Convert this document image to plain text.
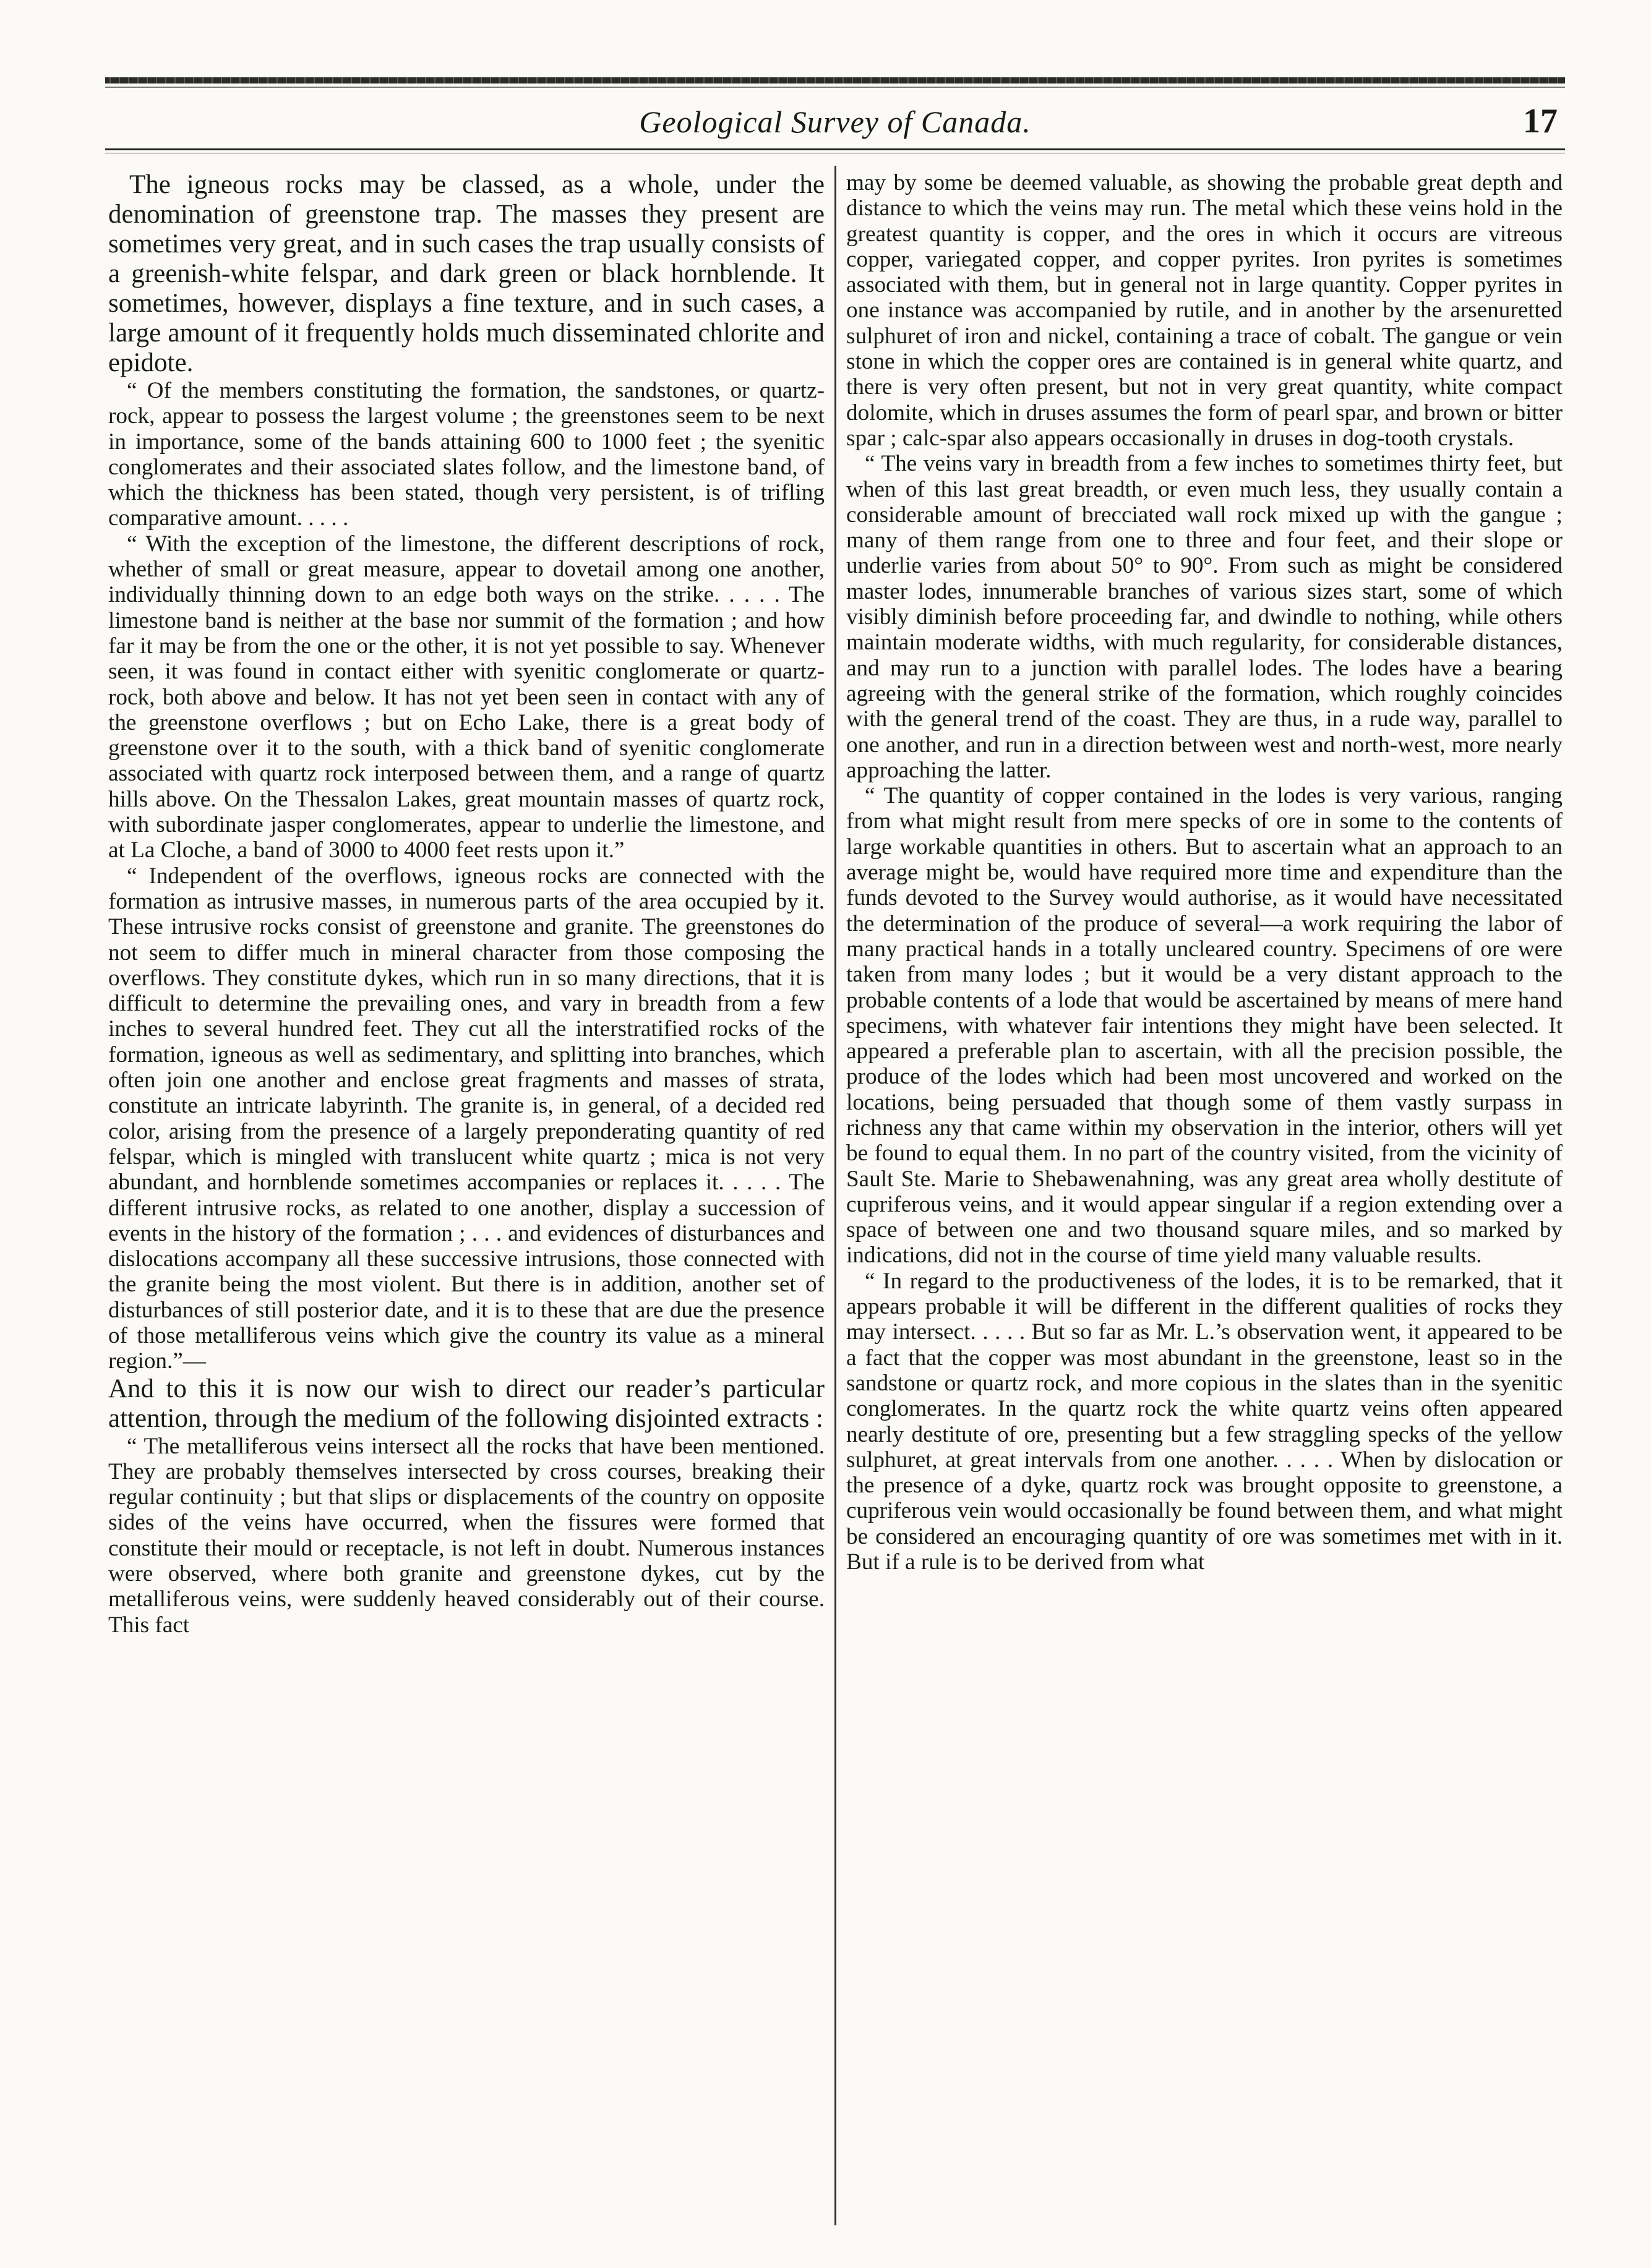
Geological Survey of Canada.	17

The igneous rocks may be classed, as a whole, under the denomination of greenstone trap. The masses they present are sometimes very great, and in such cases the trap usually consists of a greenish-white felspar, and dark green or black hornblende. It sometimes, however, displays a fine texture, and in such cases, a large amount of it frequently holds much disseminated chlorite and epidote.

“ Of the members constituting the formation, the sandstones, or quartz-rock, appear to possess the largest volume ; the greenstones seem to be next in importance, some of the bands attaining 600 to 1000 feet ; the syenitic conglomerates and their associated slates follow, and the limestone band, of which the thickness has been stated, though very persistent, is of trifling comparative amount. . . . .

“ With the exception of the limestone, the different descriptions of rock, whether of small or great measure, appear to dovetail among one another, individually thinning down to an edge both ways on the strike. . . . . The limestone band is neither at the base nor summit of the formation ; and how far it may be from the one or the other, it is not yet possible to say. Whenever seen, it was found in contact either with syenitic conglomerate or quartz-rock, both above and below. It has not yet been seen in contact with any of the greenstone overflows ; but on Echo Lake, there is a great body of greenstone over it to the south, with a thick band of syenitic conglomerate associated with quartz rock interposed between them, and a range of quartz hills above. On the Thessalon Lakes, great mountain masses of quartz rock, with subordinate jasper conglomerates, appear to underlie the limestone, and at La Cloche, a band of 3000 to 4000 feet rests upon it.”

“ Independent of the overflows, igneous rocks are connected with the formation as intrusive masses, in numerous parts of the area occupied by it. These intrusive rocks consist of greenstone and granite. The greenstones do not seem to differ much in mineral character from those composing the overflows. They constitute dykes, which run in so many directions, that it is difficult to determine the prevailing ones, and vary in breadth from a few inches to several hundred feet. They cut all the interstratified rocks of the formation, igneous as well as sedimentary, and splitting into branches, which often join one another and enclose great fragments and masses of strata, constitute an intricate labyrinth. The granite is, in general, of a decided red color, arising from the presence of a largely preponderating quantity of red felspar, which is mingled with translucent white quartz ; mica is not very abundant, and hornblende sometimes accompanies or replaces it. . . . . The different intrusive rocks, as related to one another, display a succession of events in the history of the formation ; . . . and evidences of disturbances and dislocations accompany all these successive intrusions, those connected with the granite being the most violent. But there is in addition, another set of disturbances of still posterior date, and it is to these that are due the presence of those metalliferous veins which give the country its value as a mineral region.”—

And to this it is now our wish to direct our reader’s particular attention, through the medium of the following disjointed extracts :

“ The metalliferous veins intersect all the rocks that have been mentioned. They are probably themselves intersected by cross courses, breaking their regular continuity ; but that slips or displacements of the country on opposite sides of the veins have occurred, when the fissures were formed that constitute their mould or receptacle, is not left in doubt. Numerous instances were observed, where both granite and greenstone dykes, cut by the metalliferous veins, were suddenly heaved considerably out of their course. This fact

may by some be deemed valuable, as showing the probable great depth and distance to which the veins may run. The metal which these veins hold in the greatest quantity is copper, and the ores in which it occurs are vitreous copper, variegated copper, and copper pyrites. Iron pyrites is sometimes associated with them, but in general not in large quantity. Copper pyrites in one instance was accompanied by rutile, and in another by the arsenuretted sulphuret of iron and nickel, containing a trace of cobalt. The gangue or vein stone in which the copper ores are contained is in general white quartz, and there is very often present, but not in very great quantity, white compact dolomite, which in druses assumes the form of pearl spar, and brown or bitter spar ; calc-spar also appears occasionally in druses in dog-tooth crystals.

“ The veins vary in breadth from a few inches to sometimes thirty feet, but when of this last great breadth, or even much less, they usually contain a considerable amount of brecciated wall rock mixed up with the gangue ; many of them range from one to three and four feet, and their slope or underlie varies from about 50° to 90°. From such as might be considered master lodes, innumerable branches of various sizes start, some of which visibly diminish before proceeding far, and dwindle to nothing, while others maintain moderate widths, with much regularity, for considerable distances, and may run to a junction with parallel lodes. The lodes have a bearing agreeing with the general strike of the formation, which roughly coincides with the general trend of the coast. They are thus, in a rude way, parallel to one another, and run in a direction between west and north-west, more nearly approaching the latter.

“ The quantity of copper contained in the lodes is very various, ranging from what might result from mere specks of ore in some to the contents of large workable quantities in others. But to ascertain what an approach to an average might be, would have required more time and expenditure than the funds devoted to the Survey would authorise, as it would have necessitated the determination of the produce of several—a work requiring the labor of many practical hands in a totally uncleared country. Specimens of ore were taken from many lodes ; but it would be a very distant approach to the probable contents of a lode that would be ascertained by means of mere hand specimens, with whatever fair intentions they might have been selected. It appeared a preferable plan to ascertain, with all the precision possible, the produce of the lodes which had been most uncovered and worked on the locations, being persuaded that though some of them vastly surpass in richness any that came within my observation in the interior, others will yet be found to equal them. In no part of the country visited, from the vicinity of Sault Ste. Marie to Shebawenahning, was any great area wholly destitute of cupriferous veins, and it would appear singular if a region extending over a space of between one and two thousand square miles, and so marked by indications, did not in the course of time yield many valuable results.

“ In regard to the productiveness of the lodes, it is to be remarked, that it appears probable it will be different in the different qualities of rocks they may intersect. . . . . But so far as Mr. L.’s observation went, it appeared to be a fact that the copper was most abundant in the greenstone, least so in the sandstone or quartz rock, and more copious in the slates than in the syenitic conglomerates. In the quartz rock the white quartz veins often appeared nearly destitute of ore, presenting but a few straggling specks of the yellow sulphuret, at great intervals from one another. . . . . When by dislocation or the presence of a dyke, quartz rock was brought opposite to greenstone, a cupriferous vein would occasionally be found between them, and what might be considered an encouraging quantity of ore was sometimes met with in it. But if a rule is to be derived from what
